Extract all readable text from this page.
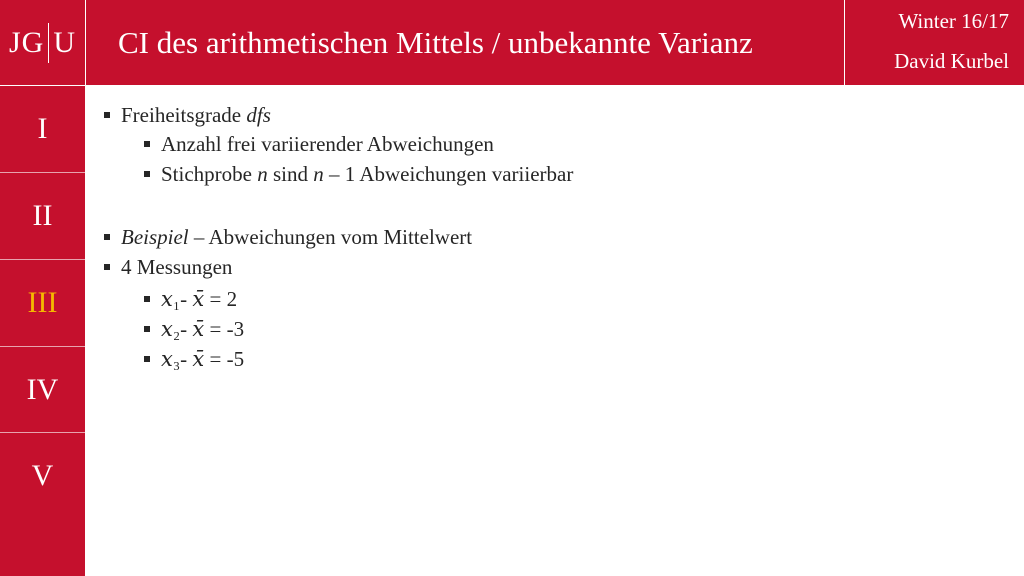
JG U CI des arithmetischen Mittels / unbekannte Varianz
Winter 16/17
David Kurbel
I
II
III
IV
V
Freiheitsgrade dfs
Anzahl frei variierender Abweichungen
Stichprobe n sind n – 1 Abweichungen variierbar
Beispiel – Abweichungen vom Mittelwert
4 Messungen
x₁- x̄ = 2
x₂- x̄ = -3
x₃- x̄ = -5
